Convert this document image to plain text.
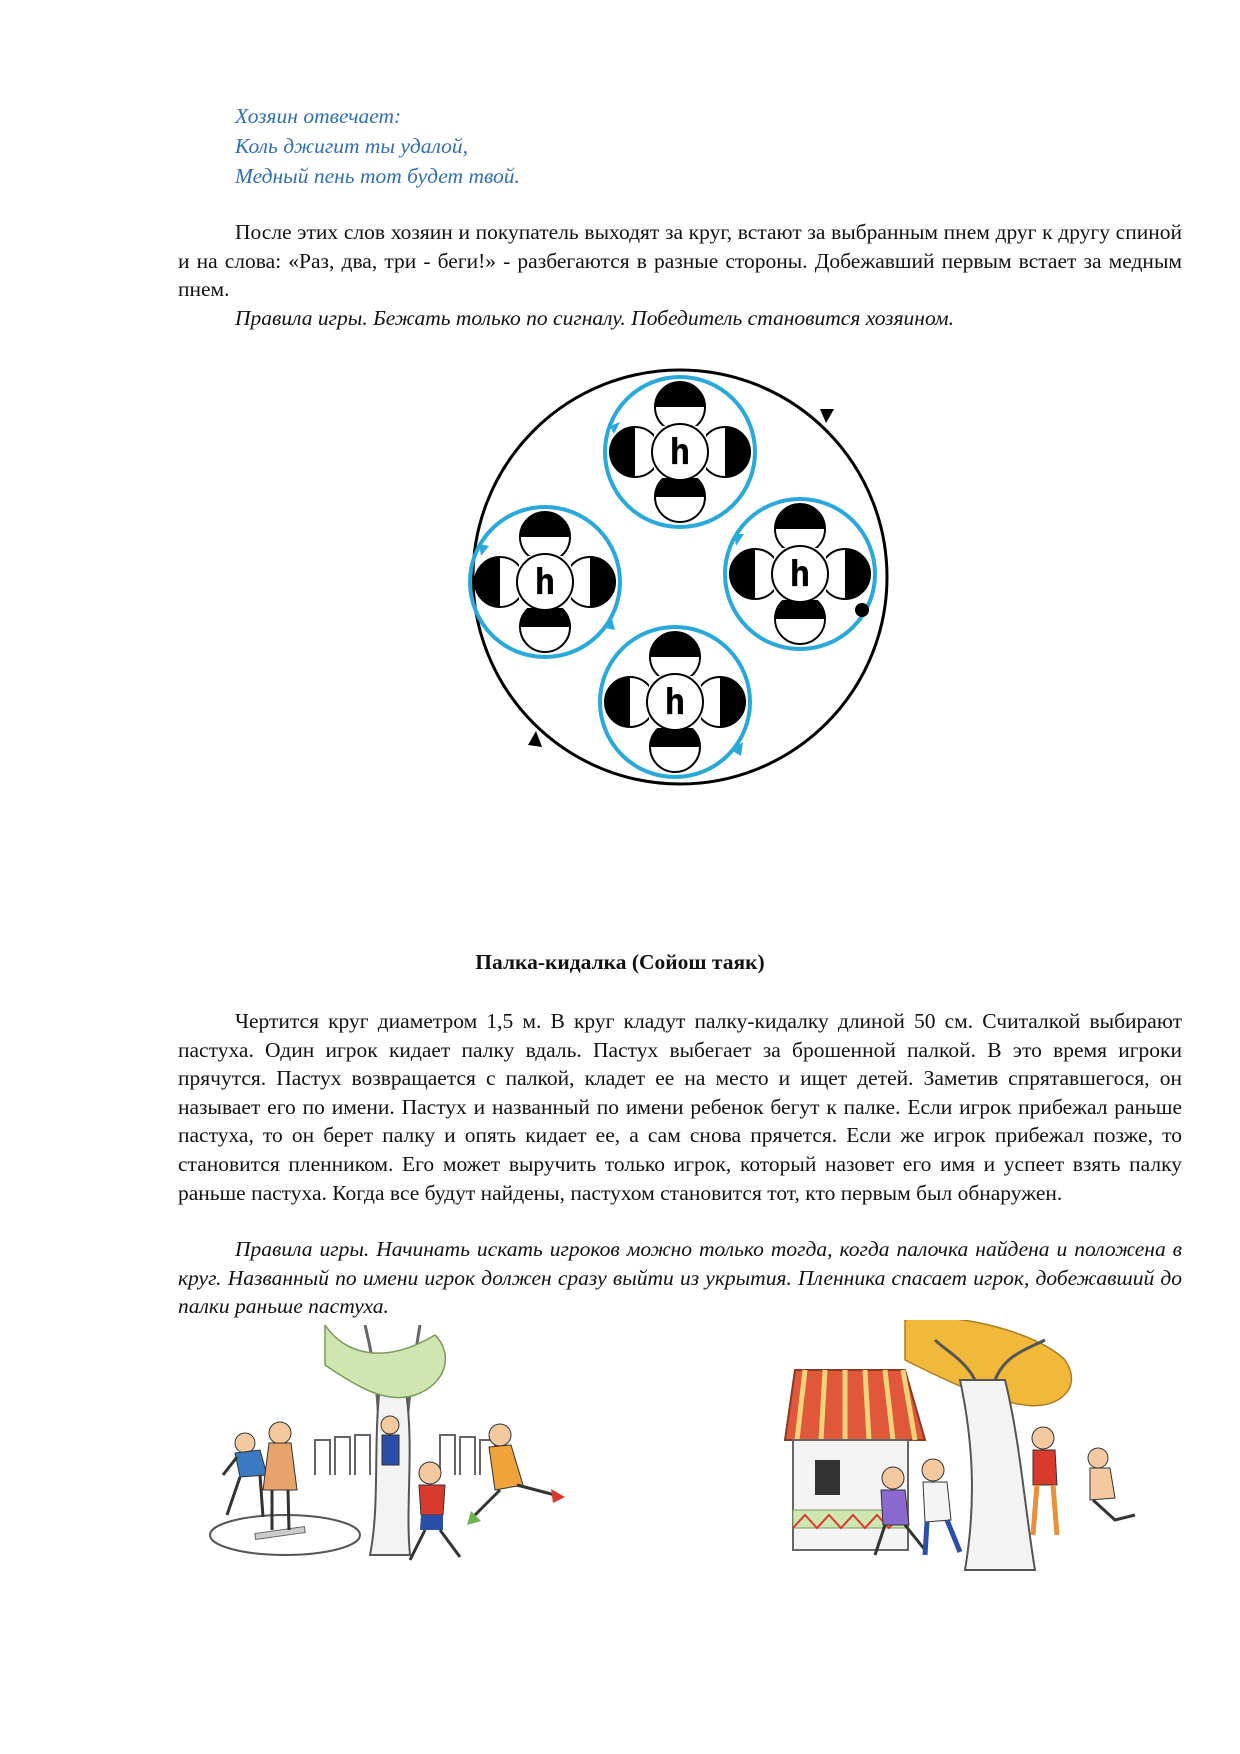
Хозяин отвечает:
Коль джигит ты удалой,
Медный пень тот будет твой.

После этих слов хозяин и покупатель выходят за круг, встают за выбранным пнем друг к другу спиной и на слова: «Раз, два, три - беги!» - разбегаются в разные стороны. Добежавший первым встает за медным пнем.

Правила игры. Бежать только по сигналу. Победитель становится хозяином.

h
h	h
h
Палка-кидалка (Сойош таяк)

Чертится круг диаметром 1,5 м. В круг кладут палку-кидалку длиной 50 см. Считалкой выбирают пастуха. Один игрок кидает палку вдаль. Пастух выбегает за брошенной палкой. В это время игроки прячутся. Пастух возвращается с палкой, кладет ее на место и ищет детей. Заметив спрятавшегося, он называет его по имени. Пастух и названный по имени ребенок бегут к палке. Если игрок прибежал раньше пастуха, то он берет палку и опять кидает ее, а сам снова прячется. Если же игрок прибежал позже, то становится пленником. Его может выручить только игрок, который назовет его имя и успеет взять палку раньше пастуха. Когда все будут найдены, пастухом становится тот, кто первым был обнаружен.

Правила игры. Начинать искать игроков можно только тогда, когда палочка найдена и положена в круг. Названный по имени игрок должен сразу выйти из укрытия. Пленника спасает игрок, добежавший до палки раньше пастуха.
